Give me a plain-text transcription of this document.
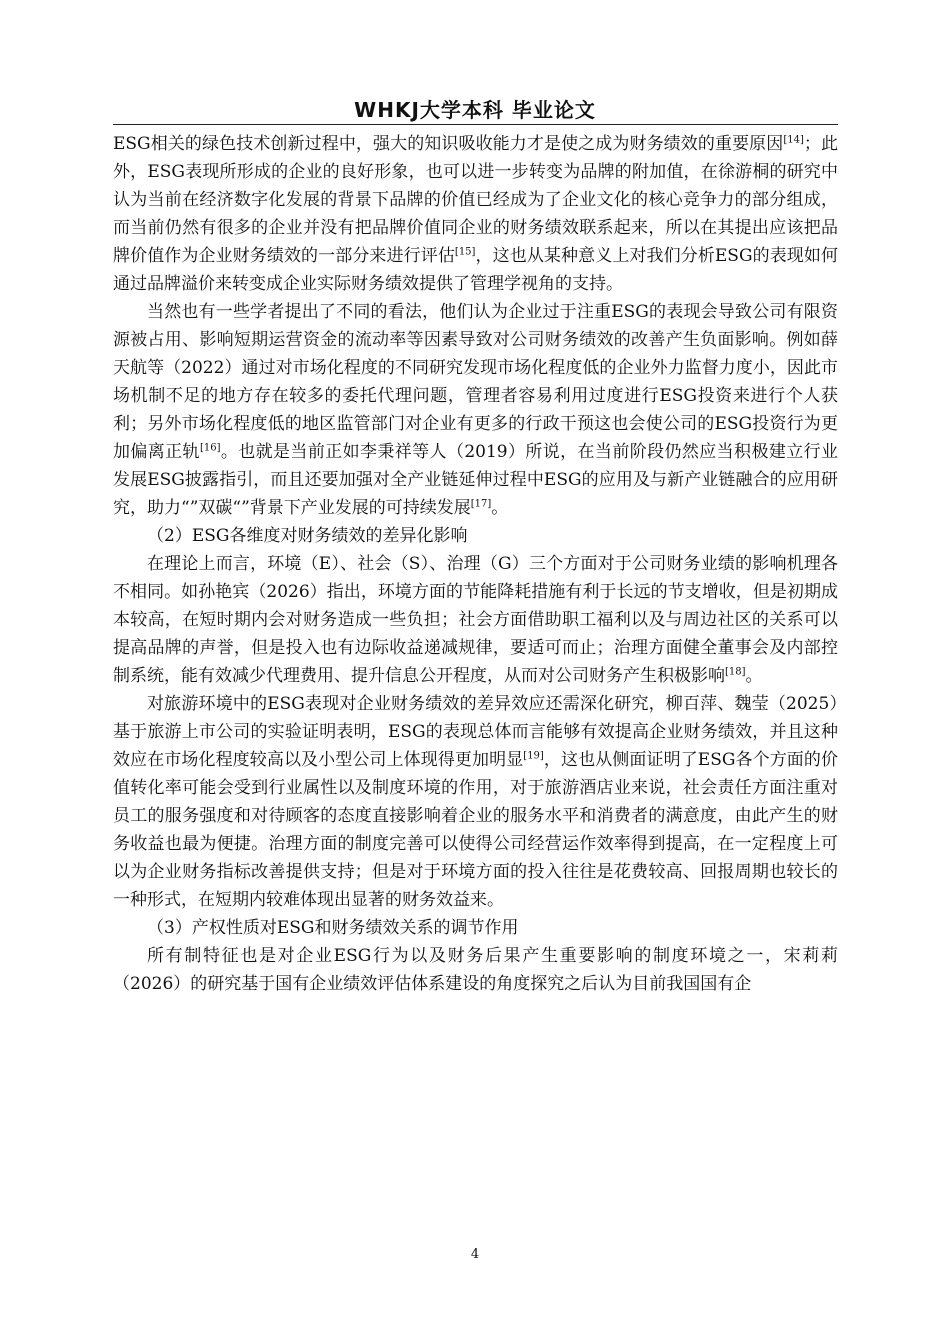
WHKJ大学本科 毕业论文

ESG相关的绿色技术创新过程中，强大的知识吸收能力才是使之成为财务绩效的重要原因[14]；此外，ESG表现所形成的企业的良好形象，也可以进一步转变为品牌的附加值，在徐游桐的研究中认为当前在经济数字化发展的背景下品牌的价值已经成为了企业文化的核心竞争力的部分组成，而当前仍然有很多的企业并没有把品牌价值同企业的财务绩效联系起来，所以在其提出应该把品牌价值作为企业财务绩效的一部分来进行评估[15]，这也从某种意义上对我们分析ESG的表现如何通过品牌溢价来转变成企业实际财务绩效提供了管理学视角的支持。

当然也有一些学者提出了不同的看法，他们认为企业过于注重ESG的表现会导致公司有限资源被占用、影响短期运营资金的流动率等因素导致对公司财务绩效的改善产生负面影响。例如薛天航等（2022）通过对市场化程度的不同研究发现市场化程度低的企业外力监督力度小，因此市场机制不足的地方存在较多的委托代理问题，管理者容易利用过度进行ESG投资来进行个人获利；另外市场化程度低的地区监管部门对企业有更多的行政干预这也会使公司的ESG投资行为更加偏离正轨[16]。也就是当前正如李秉祥等人（2019）所说，在当前阶段仍然应当积极建立行业发展ESG披露指引，而且还要加强对全产业链延伸过程中ESG的应用及与新产业链融合的应用研究，助力“”双碳“”背景下产业发展的可持续发展[17]。

（2）ESG各维度对财务绩效的差异化影响

在理论上而言，环境（E）、社会（S）、治理（G）三个方面对于公司财务业绩的影响机理各不相同。如孙艳宾（2026）指出，环境方面的节能降耗措施有利于长远的节支增收，但是初期成本较高，在短时期内会对财务造成一些负担；社会方面借助职工福利以及与周边社区的关系可以提高品牌的声誉，但是投入也有边际收益递减规律，要适可而止；治理方面健全董事会及内部控制系统，能有效减少代理费用、提升信息公开程度，从而对公司财务产生积极影响[18]。

对旅游环境中的ESG表现对企业财务绩效的差异效应还需深化研究，柳百萍、魏莹（2025）基于旅游上市公司的实验证明表明，ESG的表现总体而言能够有效提高企业财务绩效，并且这种效应在市场化程度较高以及小型公司上体现得更加明显[19]，这也从侧面证明了ESG各个方面的价值转化率可能会受到行业属性以及制度环境的作用，对于旅游酒店业来说，社会责任方面注重对员工的服务强度和对待顾客的态度直接影响着企业的服务水平和消费者的满意度，由此产生的财务收益也最为便捷。治理方面的制度完善可以使得公司经营运作效率得到提高，在一定程度上可以为企业财务指标改善提供支持；但是对于环境方面的投入往往是花费较高、回报周期也较长的一种形式，在短期内较难体现出显著的财务效益来。

（3）产权性质对ESG和财务绩效关系的调节作用

所有制特征也是对企业ESG行为以及财务后果产生重要影响的制度环境之一，宋莉莉（2026）的研究基于国有企业绩效评估体系建设的角度探究之后认为目前我国国有企

4
